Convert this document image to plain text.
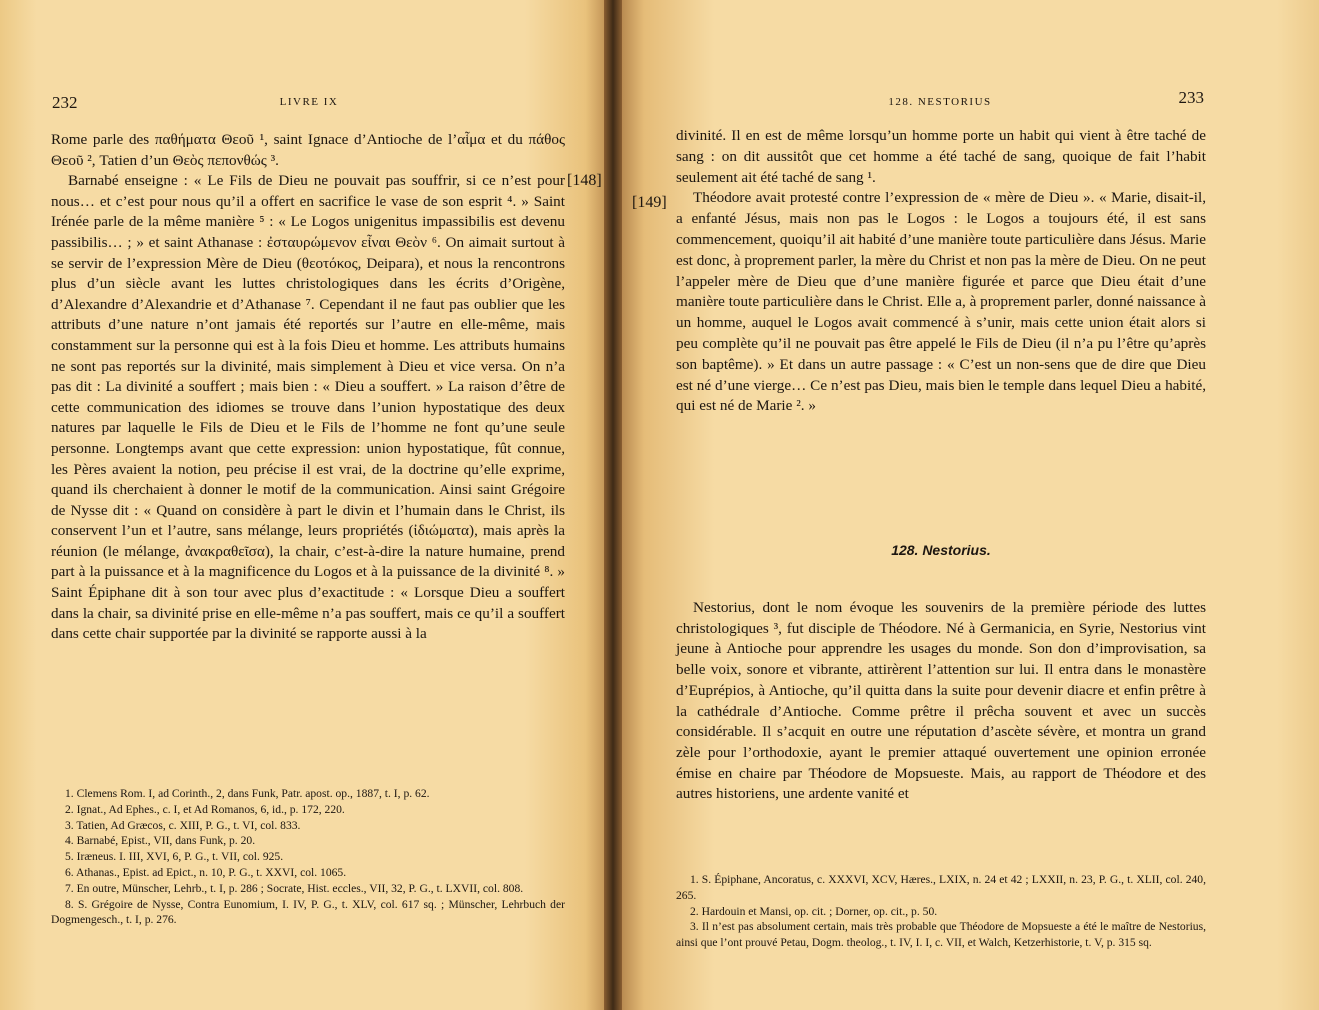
232	LIVRE IX

Rome parle des παθήματα Θεοῦ ¹, saint Ignace d’Antioche de l’αἷμα et du πάθος Θεοῦ ², Tatien d’un Θεὸς πεπονθώς ³.

Barnabé enseigne : « Le Fils de Dieu ne pouvait pas souffrir, si ce n’est pour nous… et c’est pour nous qu’il a offert en sacrifice le vase de son esprit ⁴. » Saint Irénée parle de la même manière ⁵ : « Le Logos unigenitus impassibilis est devenu passibilis… ; » et saint Athanase : ἐσταυρώμενον εἶναι Θεὸν ⁶. On aimait surtout à se servir de l’expression Mère de Dieu (θεοτόκος, Deipara), et nous la rencontrons plus d’un siècle avant les luttes christologiques dans les écrits d’Origène, d’Alexandre d’Alexandrie et d’Athanase ⁷. Cependant il ne faut pas oublier que les attributs d’une nature n’ont jamais été reportés sur l’autre en elle-même, mais constamment sur la personne qui est à la fois Dieu et homme. Les attributs humains ne sont pas reportés sur la divinité, mais simplement à Dieu et vice versa. On n’a pas dit : La divinité a souffert ; mais bien : « Dieu a souffert. » La raison d’être de cette communication des idiomes se trouve dans l’union hypostatique des deux natures par laquelle le Fils de Dieu et le Fils de l’homme ne font qu’une seule personne. Longtemps avant que cette expression: union hypostatique, fût connue, les Pères avaient la notion, peu précise il est vrai, de la doctrine qu’elle exprime, quand ils cherchaient à donner le motif de la communication. Ainsi saint Grégoire de Nysse dit : « Quand on considère à part le divin et l’humain dans le Christ, ils conservent l’un et l’autre, sans mélange, leurs propriétés (ἰδιώματα), mais après la réunion (le mélange, ἀνακραθεῖσα), la chair, c’est-à-dire la nature humaine, prend part à la puissance et à la magnificence du Logos et à la puissance de la divinité ⁸. » Saint Épiphane dit à son tour avec plus d’exactitude : « Lorsque Dieu a souffert dans la chair, sa divinité prise en elle-même n’a pas souffert, mais ce qu’il a souffert dans cette chair supportée par la divinité se rapporte aussi à la

1. Clemens Rom. I, ad Corinth., 2, dans Funk, Patr. apost. op., 1887, t. I, p. 62.
2. Ignat., Ad Ephes., c. I, et Ad Romanos, 6, id., p. 172, 220.
3. Tatien, Ad Græcos, c. XIII, P. G., t. VI, col. 833.
4. Barnabé, Epist., VII, dans Funk, p. 20.
5. Iræneus. I. III, XVI, 6, P. G., t. VII, col. 925.
6. Athanas., Epist. ad Epict., n. 10, P. G., t. XXVI, col. 1065.
7. En outre, Münscher, Lehrb., t. I, p. 286 ; Socrate, Hist. eccles., VII, 32, P. G., t. LXVII, col. 808.
8. S. Grégoire de Nysse, Contra Eunomium, I. IV, P. G., t. XLV, col. 617 sq. ; Münscher, Lehrbuch der Dogmengesch., t. I, p. 276.
128. NESTORIUS	233

divinité. Il en est de même lorsqu’un homme porte un habit qui vient à être taché de sang : on dit aussitôt que cet homme a été taché de sang, quoique de fait l’habit seulement ait été taché de sang ¹.

Théodore avait protesté contre l’expression de « mère de Dieu ». « Marie, disait-il, a enfanté Jésus, mais non pas le Logos : le Logos a toujours été, il est sans commencement, quoiqu’il ait habité d’une manière toute particulière dans Jésus. Marie est donc, à proprement parler, la mère du Christ et non pas la mère de Dieu. On ne peut l’appeler mère de Dieu que d’une manière figurée et parce que Dieu était d’une manière toute particulière dans le Christ. Elle a, à proprement parler, donné naissance à un homme, auquel le Logos avait commencé à s’unir, mais cette union était alors si peu complète qu’il ne pouvait pas être appelé le Fils de Dieu (il n’a pu l’être qu’après son baptême). » Et dans un autre passage : « C’est un non-sens que de dire que Dieu est né d’une vierge… Ce n’est pas Dieu, mais bien le temple dans lequel Dieu a habité, qui est né de Marie ². »

128. Nestorius.

Nestorius, dont le nom évoque les souvenirs de la première période des luttes christologiques ³, fut disciple de Théodore. Né à Germanicia, en Syrie, Nestorius vint jeune à Antioche pour apprendre les usages du monde. Son don d’improvisation, sa belle voix, sonore et vibrante, attirèrent l’attention sur lui. Il entra dans le monastère d’Euprépios, à Antioche, qu’il quitta dans la suite pour devenir diacre et enfin prêtre à la cathédrale d’Antioche. Comme prêtre il prêcha souvent et avec un succès considérable. Il s’acquit en outre une réputation d’ascète sévère, et montra un grand zèle pour l’orthodoxie, ayant le premier attaqué ouvertement une opinion erronée émise en chaire par Théodore de Mopsueste. Mais, au rapport de Théodore et des autres historiens, une ardente vanité et

1. S. Épiphane, Ancoratus, c. XXXVI, XCV, Hæres., LXIX, n. 24 et 42 ; LXXII, n. 23, P. G., t. XLII, col. 240, 265.
2. Hardouin et Mansi, op. cit. ; Dorner, op. cit., p. 50.
3. Il n’est pas absolument certain, mais très probable que Théodore de Mopsueste a été le maître de Nestorius, ainsi que l’ont prouvé Petau, Dogm. theolog., t. IV, I. I, c. VII, et Walch, Ketzerhistorie, t. V, p. 315 sq.
[148]
[149]
